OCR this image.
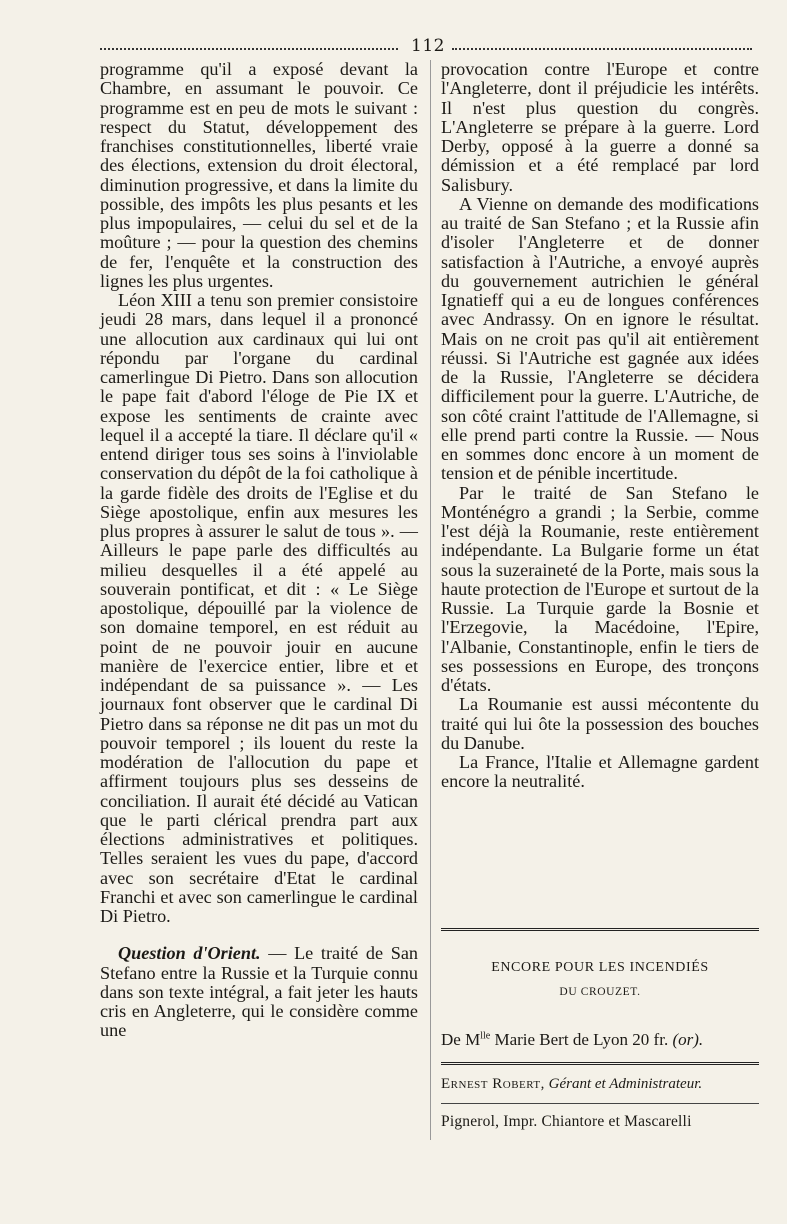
112

programme qu'il a exposé devant la Chambre, en assumant le pouvoir. Ce programme est en peu de mots le suivant : respect du Statut, développement des franchises constitutionnelles, liberté vraie des élections, extension du droit électoral, diminution progressive, et dans la limite du possible, des impôts les plus pesants et les plus impopulaires, — celui du sel et de la moûture ; — pour la question des chemins de fer, l'enquête et la construction des lignes les plus urgentes.

Léon XIII a tenu son premier consistoire jeudi 28 mars, dans lequel il a prononcé une allocution aux cardinaux qui lui ont répondu par l'organe du cardinal camerlingue Di Pietro. Dans son allocution le pape fait d'abord l'éloge de Pie IX et expose les sentiments de crainte avec lequel il a accepté la tiare. Il déclare qu'il « entend diriger tous ses soins à l'inviolable conservation du dépôt de la foi catholique à la garde fidèle des droits de l'Eglise et du Siège apostolique, enfin aux mesures les plus propres à assurer le salut de tous ». — Ailleurs le pape parle des difficultés au milieu desquelles il a été appelé au souverain pontificat, et dit : « Le Siège apostolique, dépouillé par la violence de son domaine temporel, en est réduit au point de ne pouvoir jouir en aucune manière de l'exercice entier, libre et et indépendant de sa puissance ». — Les journaux font observer que le cardinal Di Pietro dans sa réponse ne dit pas un mot du pouvoir temporel ; ils louent du reste la modération de l'allocution du pape et affirment toujours plus ses desseins de conciliation. Il aurait été décidé au Vatican que le parti clérical prendra part aux élections administratives et politiques. Telles seraient les vues du pape, d'accord avec son secrétaire d'Etat le cardinal Franchi et avec son camerlingue le cardinal Di Pietro.

Question d'Orient. — Le traité de San Stefano entre la Russie et la Turquie connu dans son texte intégral, a fait jeter les hauts cris en Angleterre, qui le considère comme une

provocation contre l'Europe et contre l'Angleterre, dont il préjudicie les intérêts. Il n'est plus question du congrès. L'Angleterre se prépare à la guerre. Lord Derby, opposé à la guerre a donné sa démission et a été remplacé par lord Salisbury.

A Vienne on demande des modifications au traité de San Stefano ; et la Russie afin d'isoler l'Angleterre et de donner satisfaction à l'Autriche, a envoyé auprès du gouvernement autrichien le général Ignatieff qui a eu de longues conférences avec Andrassy. On en ignore le résultat. Mais on ne croit pas qu'il ait entièrement réussi. Si l'Autriche est gagnée aux idées de la Russie, l'Angleterre se décidera difficilement pour la guerre. L'Autriche, de son côté craint l'attitude de l'Allemagne, si elle prend parti contre la Russie. — Nous en sommes donc encore à un moment de tension et de pénible incertitude.

Par le traité de San Stefano le Monténégro a grandi ; la Serbie, comme l'est déjà la Roumanie, reste entièrement indépendante. La Bulgarie forme un état sous la suzeraineté de la Porte, mais sous la haute protection de l'Europe et surtout de la Russie. La Turquie garde la Bosnie et l'Erzegovie, la Macédoine, l'Epire, l'Albanie, Constantinople, enfin le tiers de ses possessions en Europe, des tronçons d'états.

La Roumanie est aussi mécontente du traité qui lui ôte la possession des bouches du Danube.

La France, l'Italie et Allemagne gardent encore la neutralité.

ENCORE POUR LES INCENDIÉS
DU CROUZET.
De $M^{lle}$ Marie Bert de Lyon 20 fr. (or).
Ernest Robert, Gérant et Administrateur.
Pignerol, Impr. Chiantore et Mascarelli
